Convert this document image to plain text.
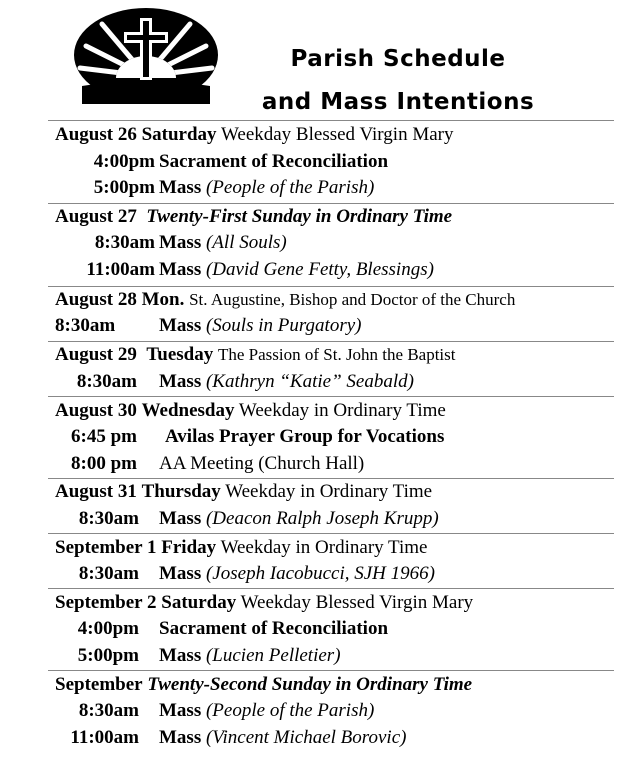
Parish Schedule
and Mass Intentions
August 26 Saturday Weekday Blessed Virgin Mary
4:00pm Sacrament of Reconciliation
5:00pm Mass (People of the Parish)
August 27 Twenty-First Sunday in Ordinary Time
8:30am Mass (All Souls)
11:00am Mass (David Gene Fetty, Blessings)
August 28 Mon. St. Augustine, Bishop and Doctor of the Church
8:30am Mass (Souls in Purgatory)
August 29 Tuesday The Passion of St. John the Baptist
8:30am Mass (Kathryn “Katie” Seabald)
August 30 Wednesday Weekday in Ordinary Time
6:45 pm Avilas Prayer Group for Vocations
8:00 pm AA Meeting (Church Hall)
August 31 Thursday Weekday in Ordinary Time
8:30am Mass (Deacon Ralph Joseph Krupp)
September 1 Friday Weekday in Ordinary Time
8:30am Mass (Joseph Iacobucci, SJH 1966)
September 2 Saturday Weekday Blessed Virgin Mary
4:00pm Sacrament of Reconciliation
5:00pm Mass (Lucien Pelletier)
September Twenty-Second Sunday in Ordinary Time
8:30am Mass (People of the Parish)
11:00am Mass (Vincent Michael Borovic)
